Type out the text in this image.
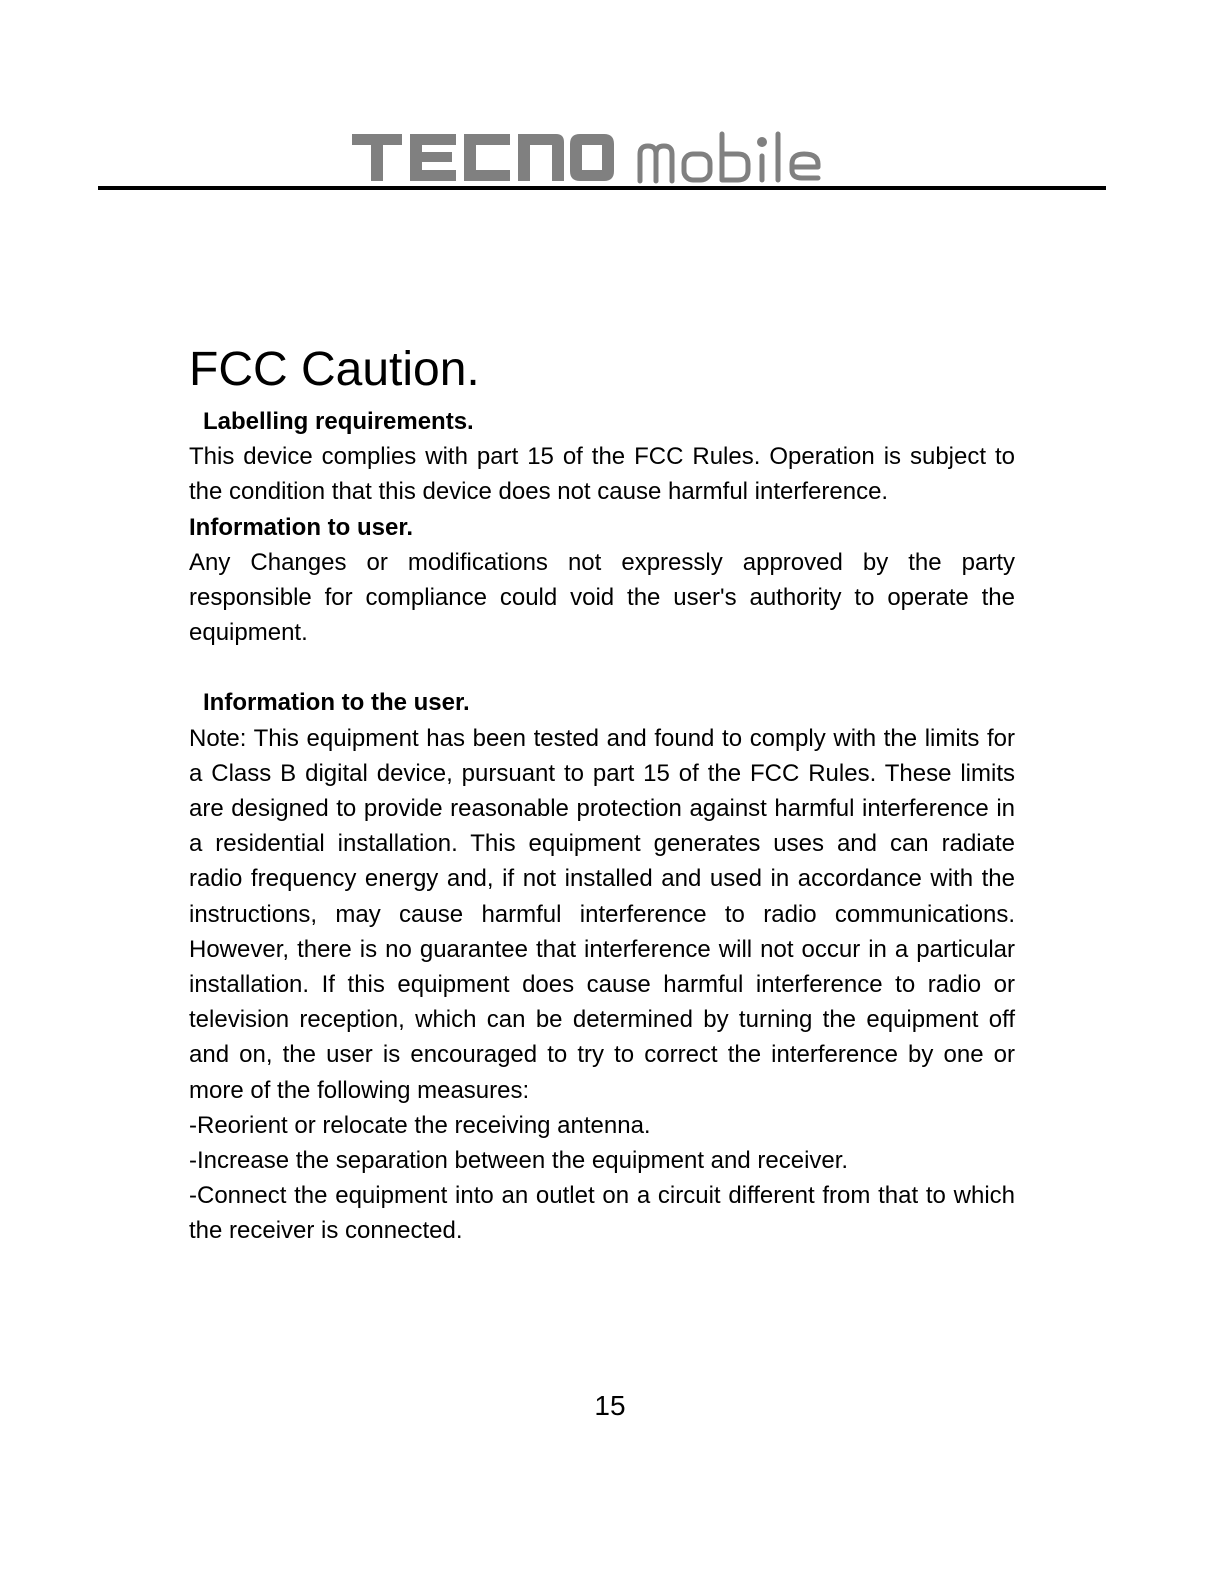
FCC Caution.

Labelling requirements.

This device complies with part 15 of the FCC Rules. Operation is subject to the condition that this device does not cause harmful interference.

Information to user.

Any Changes or modifications not expressly approved by the party responsible for compliance could void the user's authority to operate the equipment.

Information to the user.

Note: This equipment has been tested and found to comply with the limits for a Class B digital device, pursuant to part 15 of the FCC Rules. These limits are designed to provide reasonable protection against harmful interference in a residential installation. This equipment generates uses and can radiate radio frequency energy and, if not installed and used in accordance with the instructions, may cause harmful interference to radio communications. However, there is no guarantee that interference will not occur in a particular installation. If this equipment does cause harmful interference to radio or television reception, which can be determined by turning the equipment off and on, the user is encouraged to try to correct the interference by one or more of the following measures:

-Reorient or relocate the receiving antenna.

-Increase the separation between the equipment and receiver.

-Connect the equipment into an outlet on a circuit different from that to which the receiver is connected.

15
